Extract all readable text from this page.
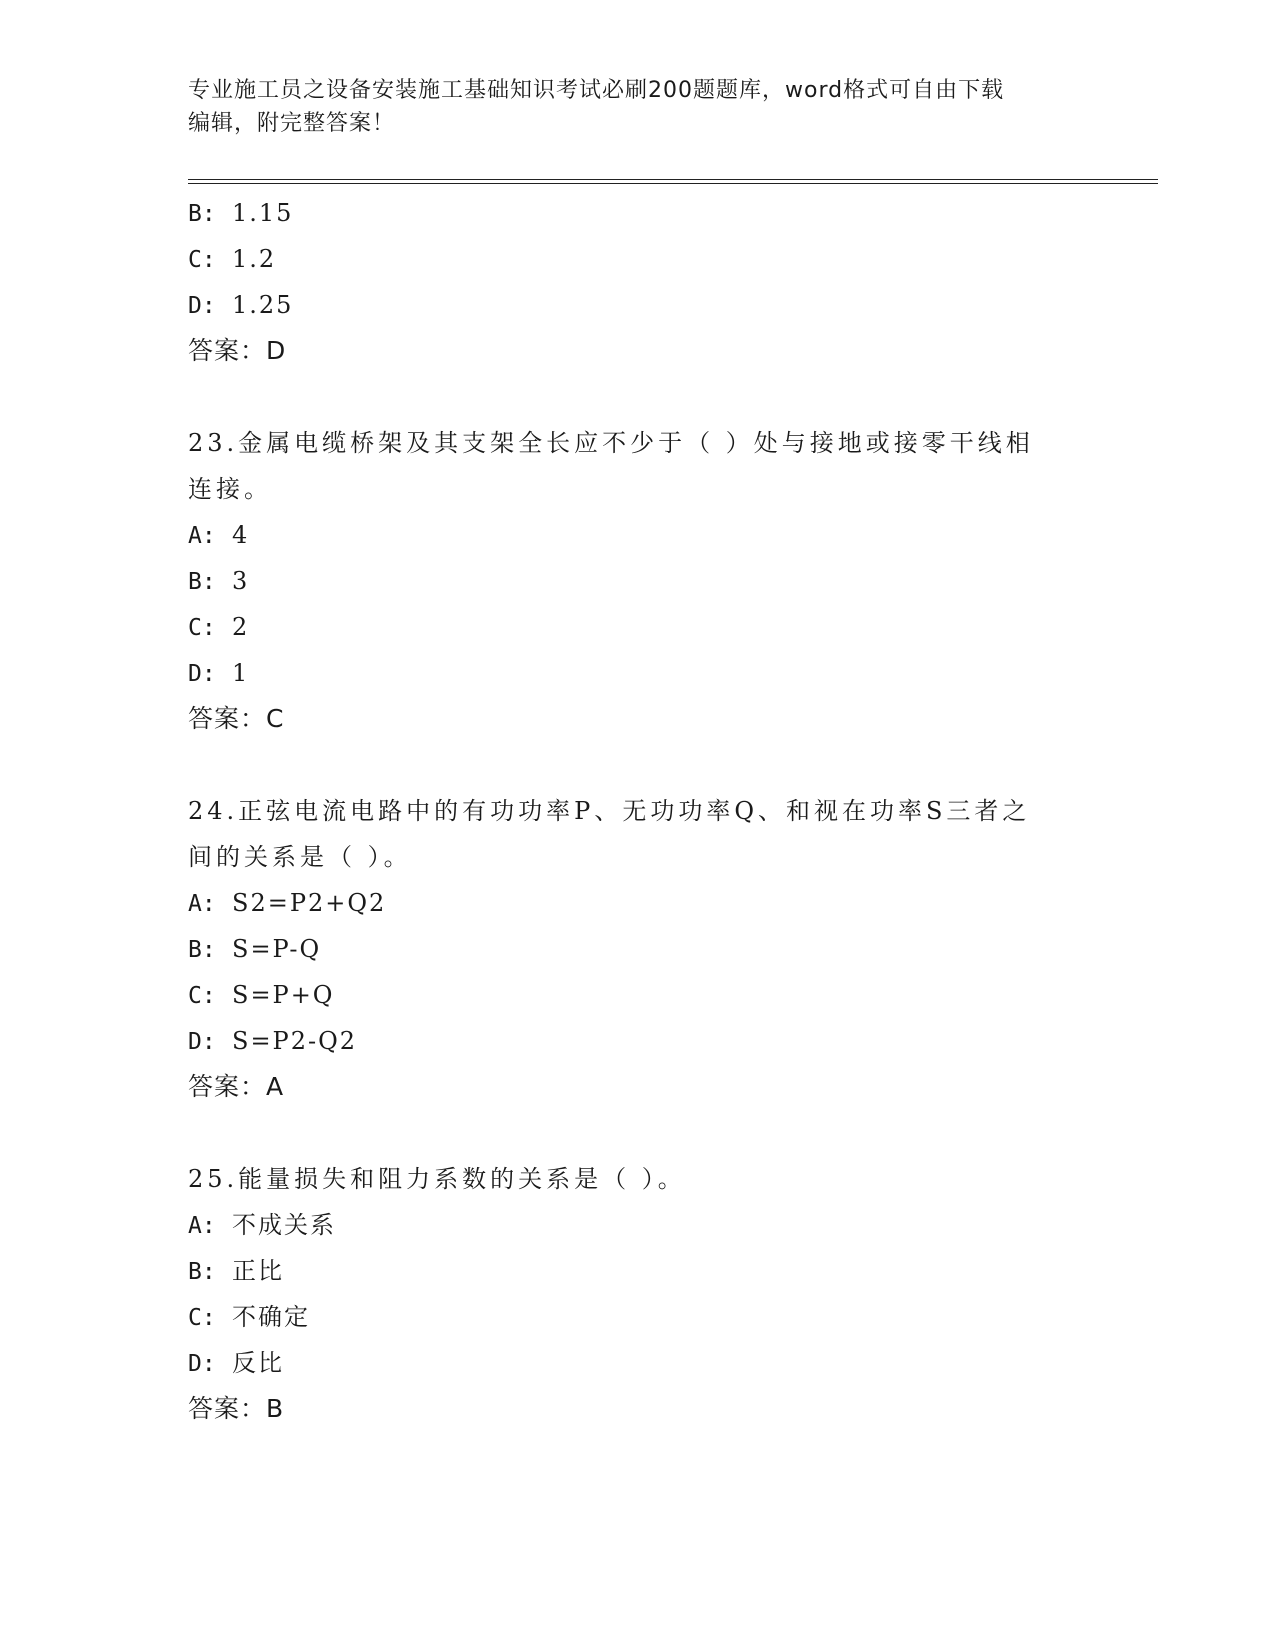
专业施工员之设备安装施工基础知识考试必刷200题题库，word格式可自由下载
编辑，附完整答案！
B: 1.15
C: 1.2
D: 1.25
答案：D
23.金属电缆桥架及其支架全长应不少于（ ）处与接地或接零干线相
连接。
A: 4
B: 3
C: 2
D: 1
答案：C
24.正弦电流电路中的有功功率P、无功功率Q、和视在功率S三者之
间的关系是（ ）。
A: S2=P2+Q2
B: S=P-Q
C: S=P+Q
D: S=P2-Q2
答案：A
25.能量损失和阻力系数的关系是（ ）。
A: 不成关系
B: 正比
C: 不确定
D: 反比
答案：B
